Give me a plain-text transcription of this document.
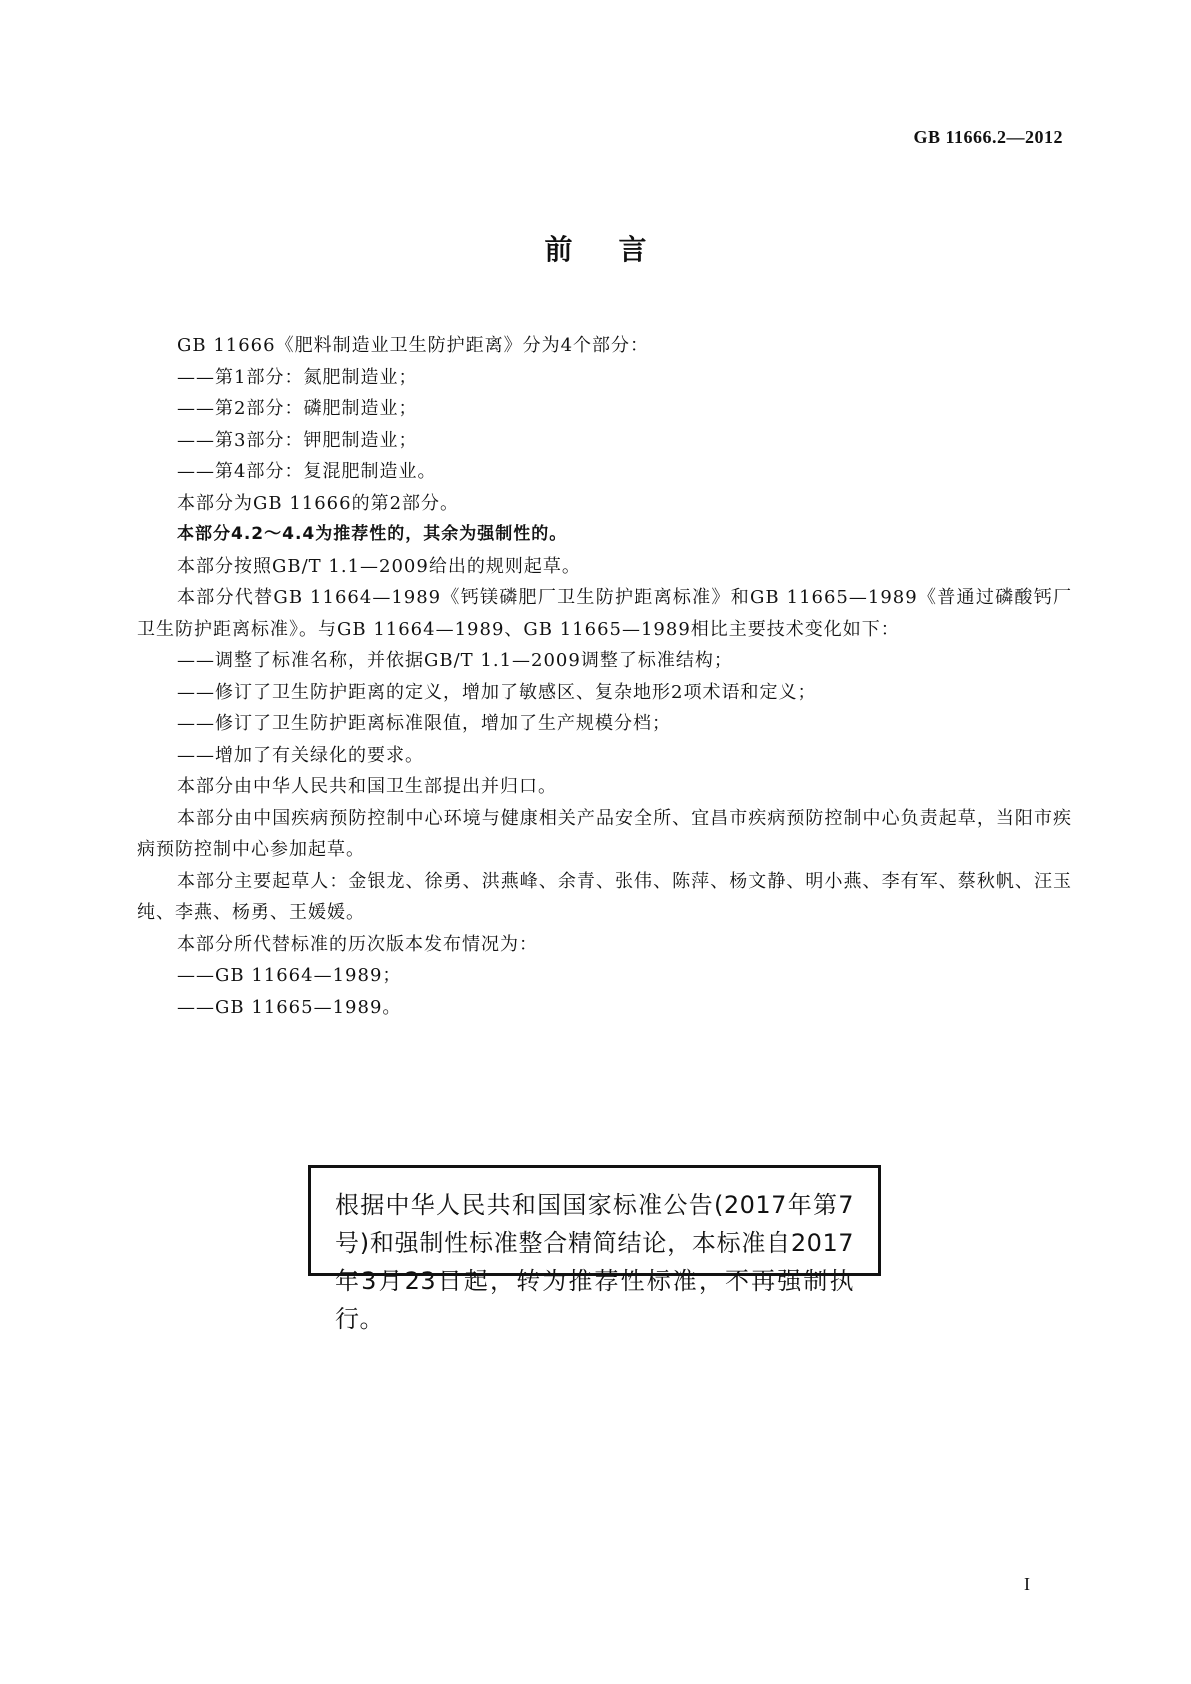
GB 11666.2—2012
前言

GB 11666《肥料制造业卫生防护距离》分为4个部分：

——第1部分：氮肥制造业；

——第2部分：磷肥制造业；

——第3部分：钾肥制造业；

——第4部分：复混肥制造业。

本部分为GB 11666的第2部分。

本部分4.2～4.4为推荐性的，其余为强制性的。

本部分按照GB/T 1.1—2009给出的规则起草。

本部分代替GB 11664—1989《钙镁磷肥厂卫生防护距离标准》和GB 11665—1989《普通过磷酸钙厂卫生防护距离标准》。与GB 11664—1989、GB 11665—1989相比主要技术变化如下：

——调整了标准名称，并依据GB/T 1.1—2009调整了标准结构；

——修订了卫生防护距离的定义，增加了敏感区、复杂地形2项术语和定义；

——修订了卫生防护距离标准限值，增加了生产规模分档；

——增加了有关绿化的要求。

本部分由中华人民共和国卫生部提出并归口。

本部分由中国疾病预防控制中心环境与健康相关产品安全所、宜昌市疾病预防控制中心负责起草，当阳市疾病预防控制中心参加起草。

本部分主要起草人：金银龙、徐勇、洪燕峰、余青、张伟、陈萍、杨文静、明小燕、李有军、蔡秋帆、汪玉纯、李燕、杨勇、王媛媛。

本部分所代替标准的历次版本发布情况为：

——GB 11664—1989；

——GB 11665—1989。

根据中华人民共和国国家标准公告(2017年第7号)和强制性标准整合精简结论，本标准自2017年3月23日起，转为推荐性标准，不再强制执行。
I
